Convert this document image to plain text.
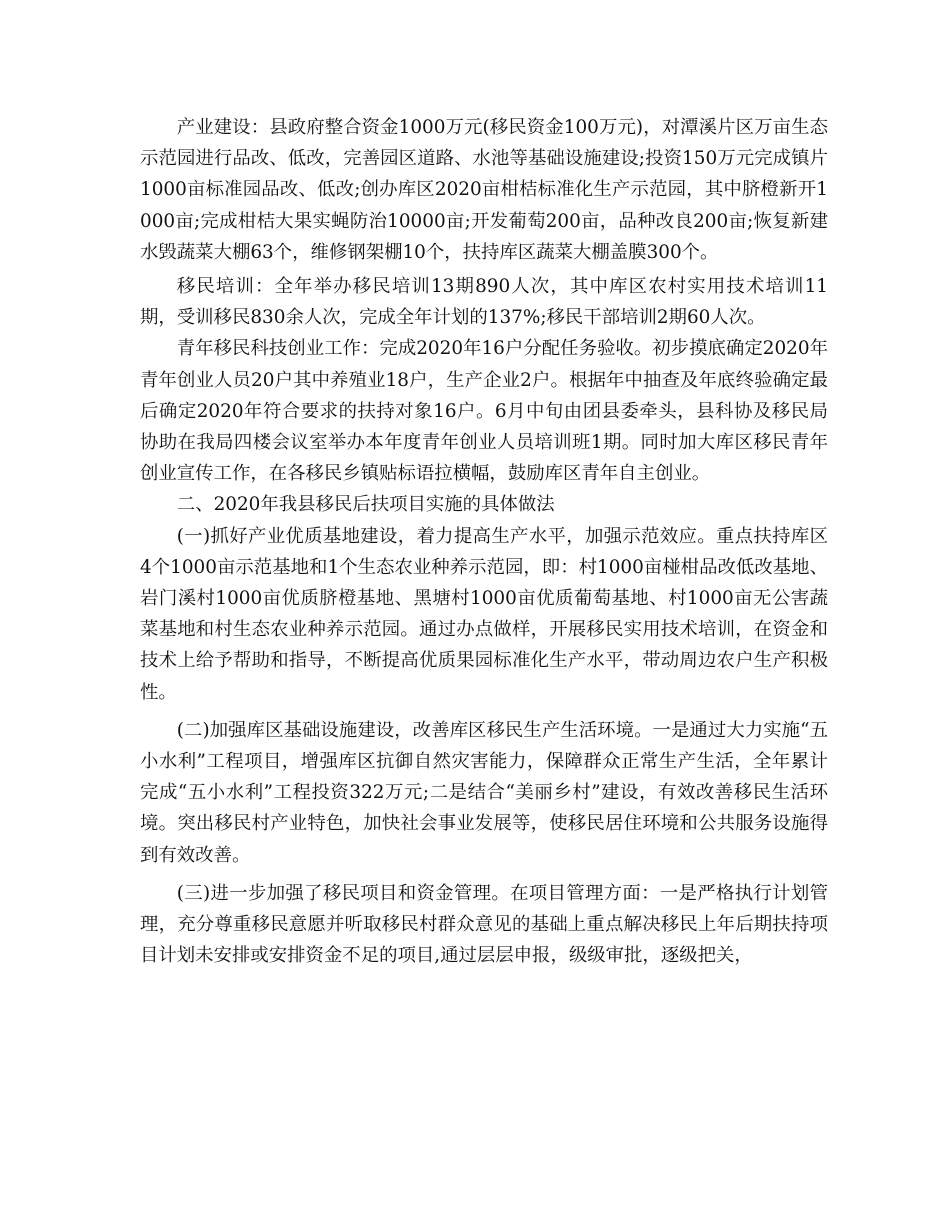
产业建设：县政府整合资金1000万元(移民资金100万元)，对潭溪片区万亩生态示范园进行品改、低改，完善园区道路、水池等基础设施建设;投资150万元完成镇片1000亩标准园品改、低改;创办库区2020亩柑桔标准化生产示范园，其中脐橙新开1000亩;完成柑桔大果实蝇防治10000亩;开发葡萄200亩，品种改良200亩;恢复新建水毁蔬菜大棚63个，维修钢架棚10个，扶持库区蔬菜大棚盖膜300个。

移民培训：全年举办移民培训13期890人次，其中库区农村实用技术培训11期，受训移民830余人次，完成全年计划的137%;移民干部培训2期60人次。

青年移民科技创业工作：完成2020年16户分配任务验收。初步摸底确定2020年青年创业人员20户其中养殖业18户，生产企业2户。根据年中抽查及年底终验确定最后确定2020年符合要求的扶持对象16户。6月中旬由团县委牵头，县科协及移民局协助在我局四楼会议室举办本年度青年创业人员培训班1期。同时加大库区移民青年创业宣传工作，在各移民乡镇贴标语拉横幅，鼓励库区青年自主创业。

二、2020年我县移民后扶项目实施的具体做法

(一)抓好产业优质基地建设，着力提高生产水平，加强示范效应。重点扶持库区4个1000亩示范基地和1个生态农业种养示范园，即：村1000亩椪柑品改低改基地、岩门溪村1000亩优质脐橙基地、黑塘村1000亩优质葡萄基地、村1000亩无公害蔬菜基地和村生态农业种养示范园。通过办点做样，开展移民实用技术培训，在资金和技术上给予帮助和指导，不断提高优质果园标准化生产水平，带动周边农户生产积极性。

(二)加强库区基础设施建设，改善库区移民生产生活环境。一是通过大力实施“五小水利”工程项目，增强库区抗御自然灾害能力，保障群众正常生产生活，全年累计完成“五小水利”工程投资322万元;二是结合“美丽乡村”建设，有效改善移民生活环境。突出移民村产业特色，加快社会事业发展等，使移民居住环境和公共服务设施得到有效改善。

(三)进一步加强了移民项目和资金管理。在项目管理方面：一是严格执行计划管理，充分尊重移民意愿并听取移民村群众意见的基础上重点解决移民上年后期扶持项目计划未安排或安排资金不足的项目,通过层层申报，级级审批，逐级把关，
